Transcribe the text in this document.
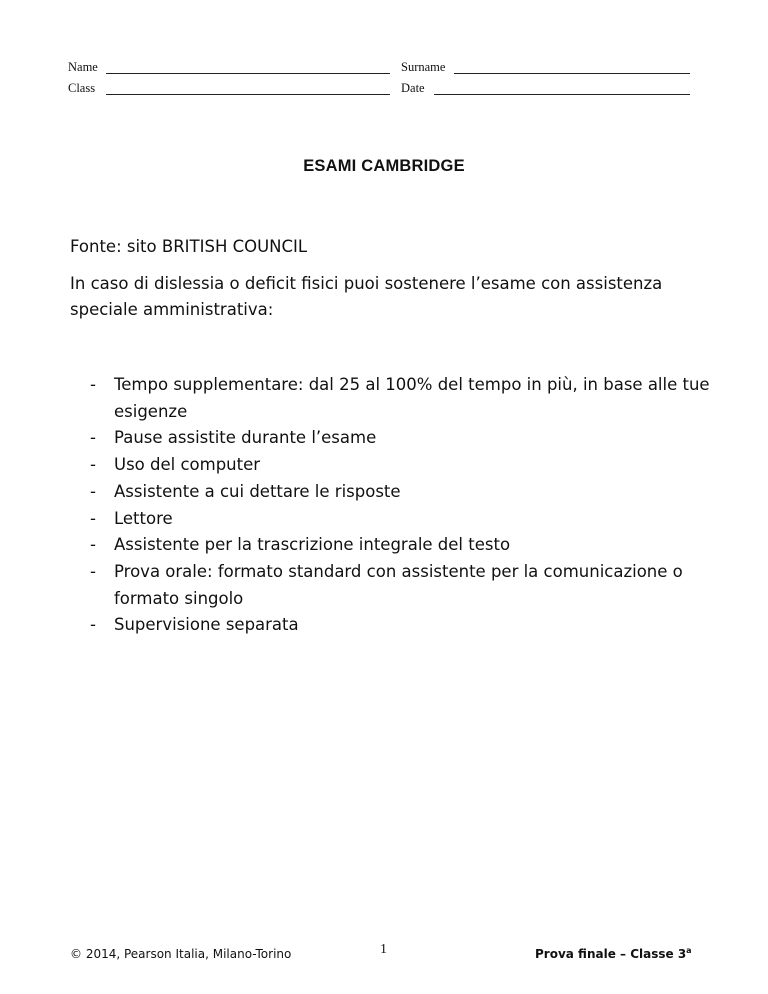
Name	Surname
Class	Date
ESAMI CAMBRIDGE
Fonte: sito BRITISH COUNCIL
In caso di dislessia o deficit fisici puoi sostenere l’esame con assistenza speciale amministrativa:
- Tempo supplementare: dal 25 al 100% del tempo in più, in base alle tue esigenze
- Pause assistite durante l’esame
- Uso del computer
- Assistente a cui dettare le risposte
- Lettore
- Assistente per la trascrizione integrale del testo
- Prova orale: formato standard con assistente per la comunicazione o formato singolo
- Supervisione separata
© 2014, Pearson Italia, Milano-Torino	1	Prova finale – Classe 3$^a$
